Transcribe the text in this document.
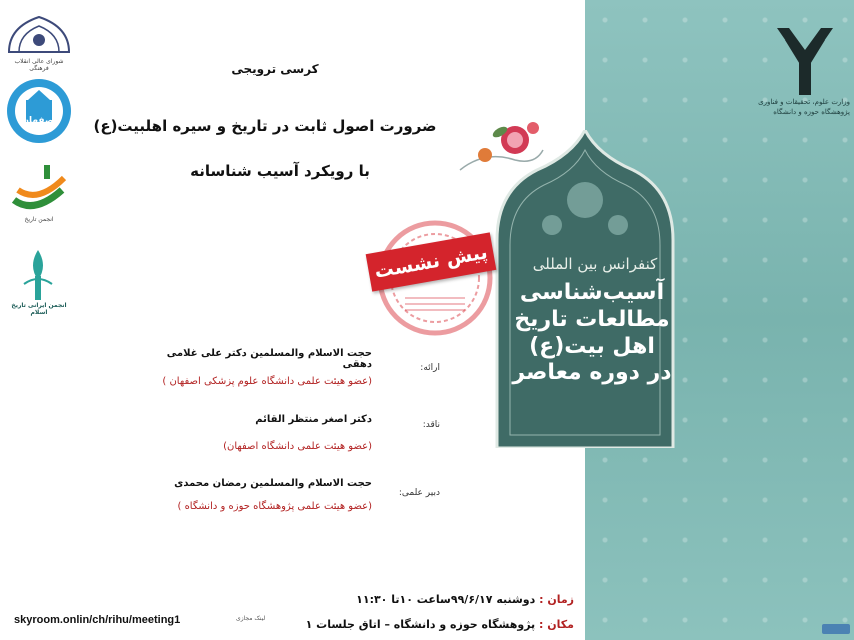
وزارت علوم، تحقیقات و فناوری
پژوهشگاه حوزه و دانشگاه
کنفرانس بین المللی
آسیب‌شناسی
مطالعات تاریخ
اهل بیت(ع)
در دوره معاصر
پیش نشست
شورای عالی انقلاب فرهنگی
اصفهان
انجمن تاریخ
انجمن ایرانی تاریخ اسلام
کرسی ترویجی
ضرورت اصول ثابت در تاریخ و سیره اهلبیت(ع)
با رویکرد آسیب شناسانه
ارائه:
حجت الاسلام والمسلمین دکتر علی غلامی دهقی
(عضو هیئت علمی دانشگاه علوم پزشکی اصفهان )
ناقد:
دکتر اصغر منتظر القائم
(عضو هیئت علمی دانشگاه اصفهان)
دبیر علمی:
حجت الاسلام والمسلمین رمضان محمدی
(عضو هیئت علمی پژوهشگاه حوزه و دانشگاه )
زمان : دوشنبه ۹۹/۶/۱۷ساعت ۱۰تا ۱۱:۳۰
مکان : پژوهشگاه حوزه و دانشگاه – اتاق جلسات ۱
skyroom.onlin/ch/rihu/meeting1	لینک مجازی
